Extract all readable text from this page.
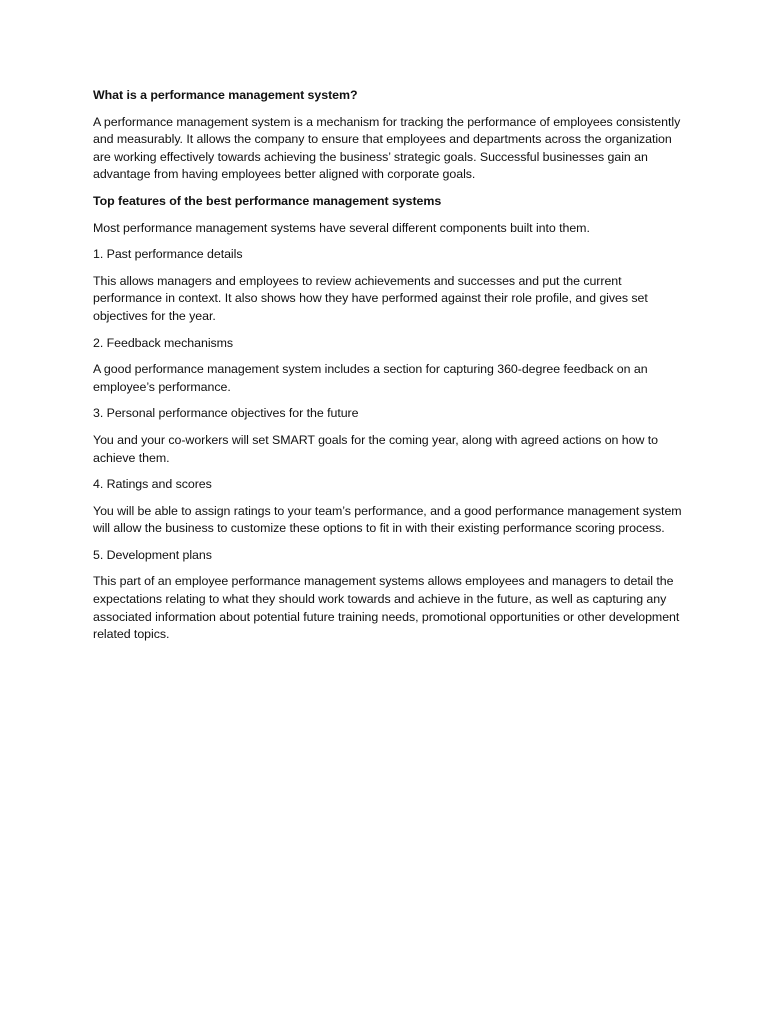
What is a performance management system?

A performance management system is a mechanism for tracking the performance of employees consistently and measurably. It allows the company to ensure that employees and departments across the organization are working effectively towards achieving the business’ strategic goals. Successful businesses gain an advantage from having employees better aligned with corporate goals.

Top features of the best performance management systems

Most performance management systems have several different components built into them.

1. Past performance details

This allows managers and employees to review achievements and successes and put the current performance in context. It also shows how they have performed against their role profile, and gives set objectives for the year.

2. Feedback mechanisms

A good performance management system includes a section for capturing 360-degree feedback on an employee’s performance.

3. Personal performance objectives for the future

You and your co-workers will set SMART goals for the coming year, along with agreed actions on how to achieve them.

4. Ratings and scores

You will be able to assign ratings to your team’s performance, and a good performance management system will allow the business to customize these options to fit in with their existing performance scoring process.

5. Development plans

This part of an employee performance management systems allows employees and managers to detail the expectations relating to what they should work towards and achieve in the future, as well as capturing any associated information about potential future training needs, promotional opportunities or other development related topics.
